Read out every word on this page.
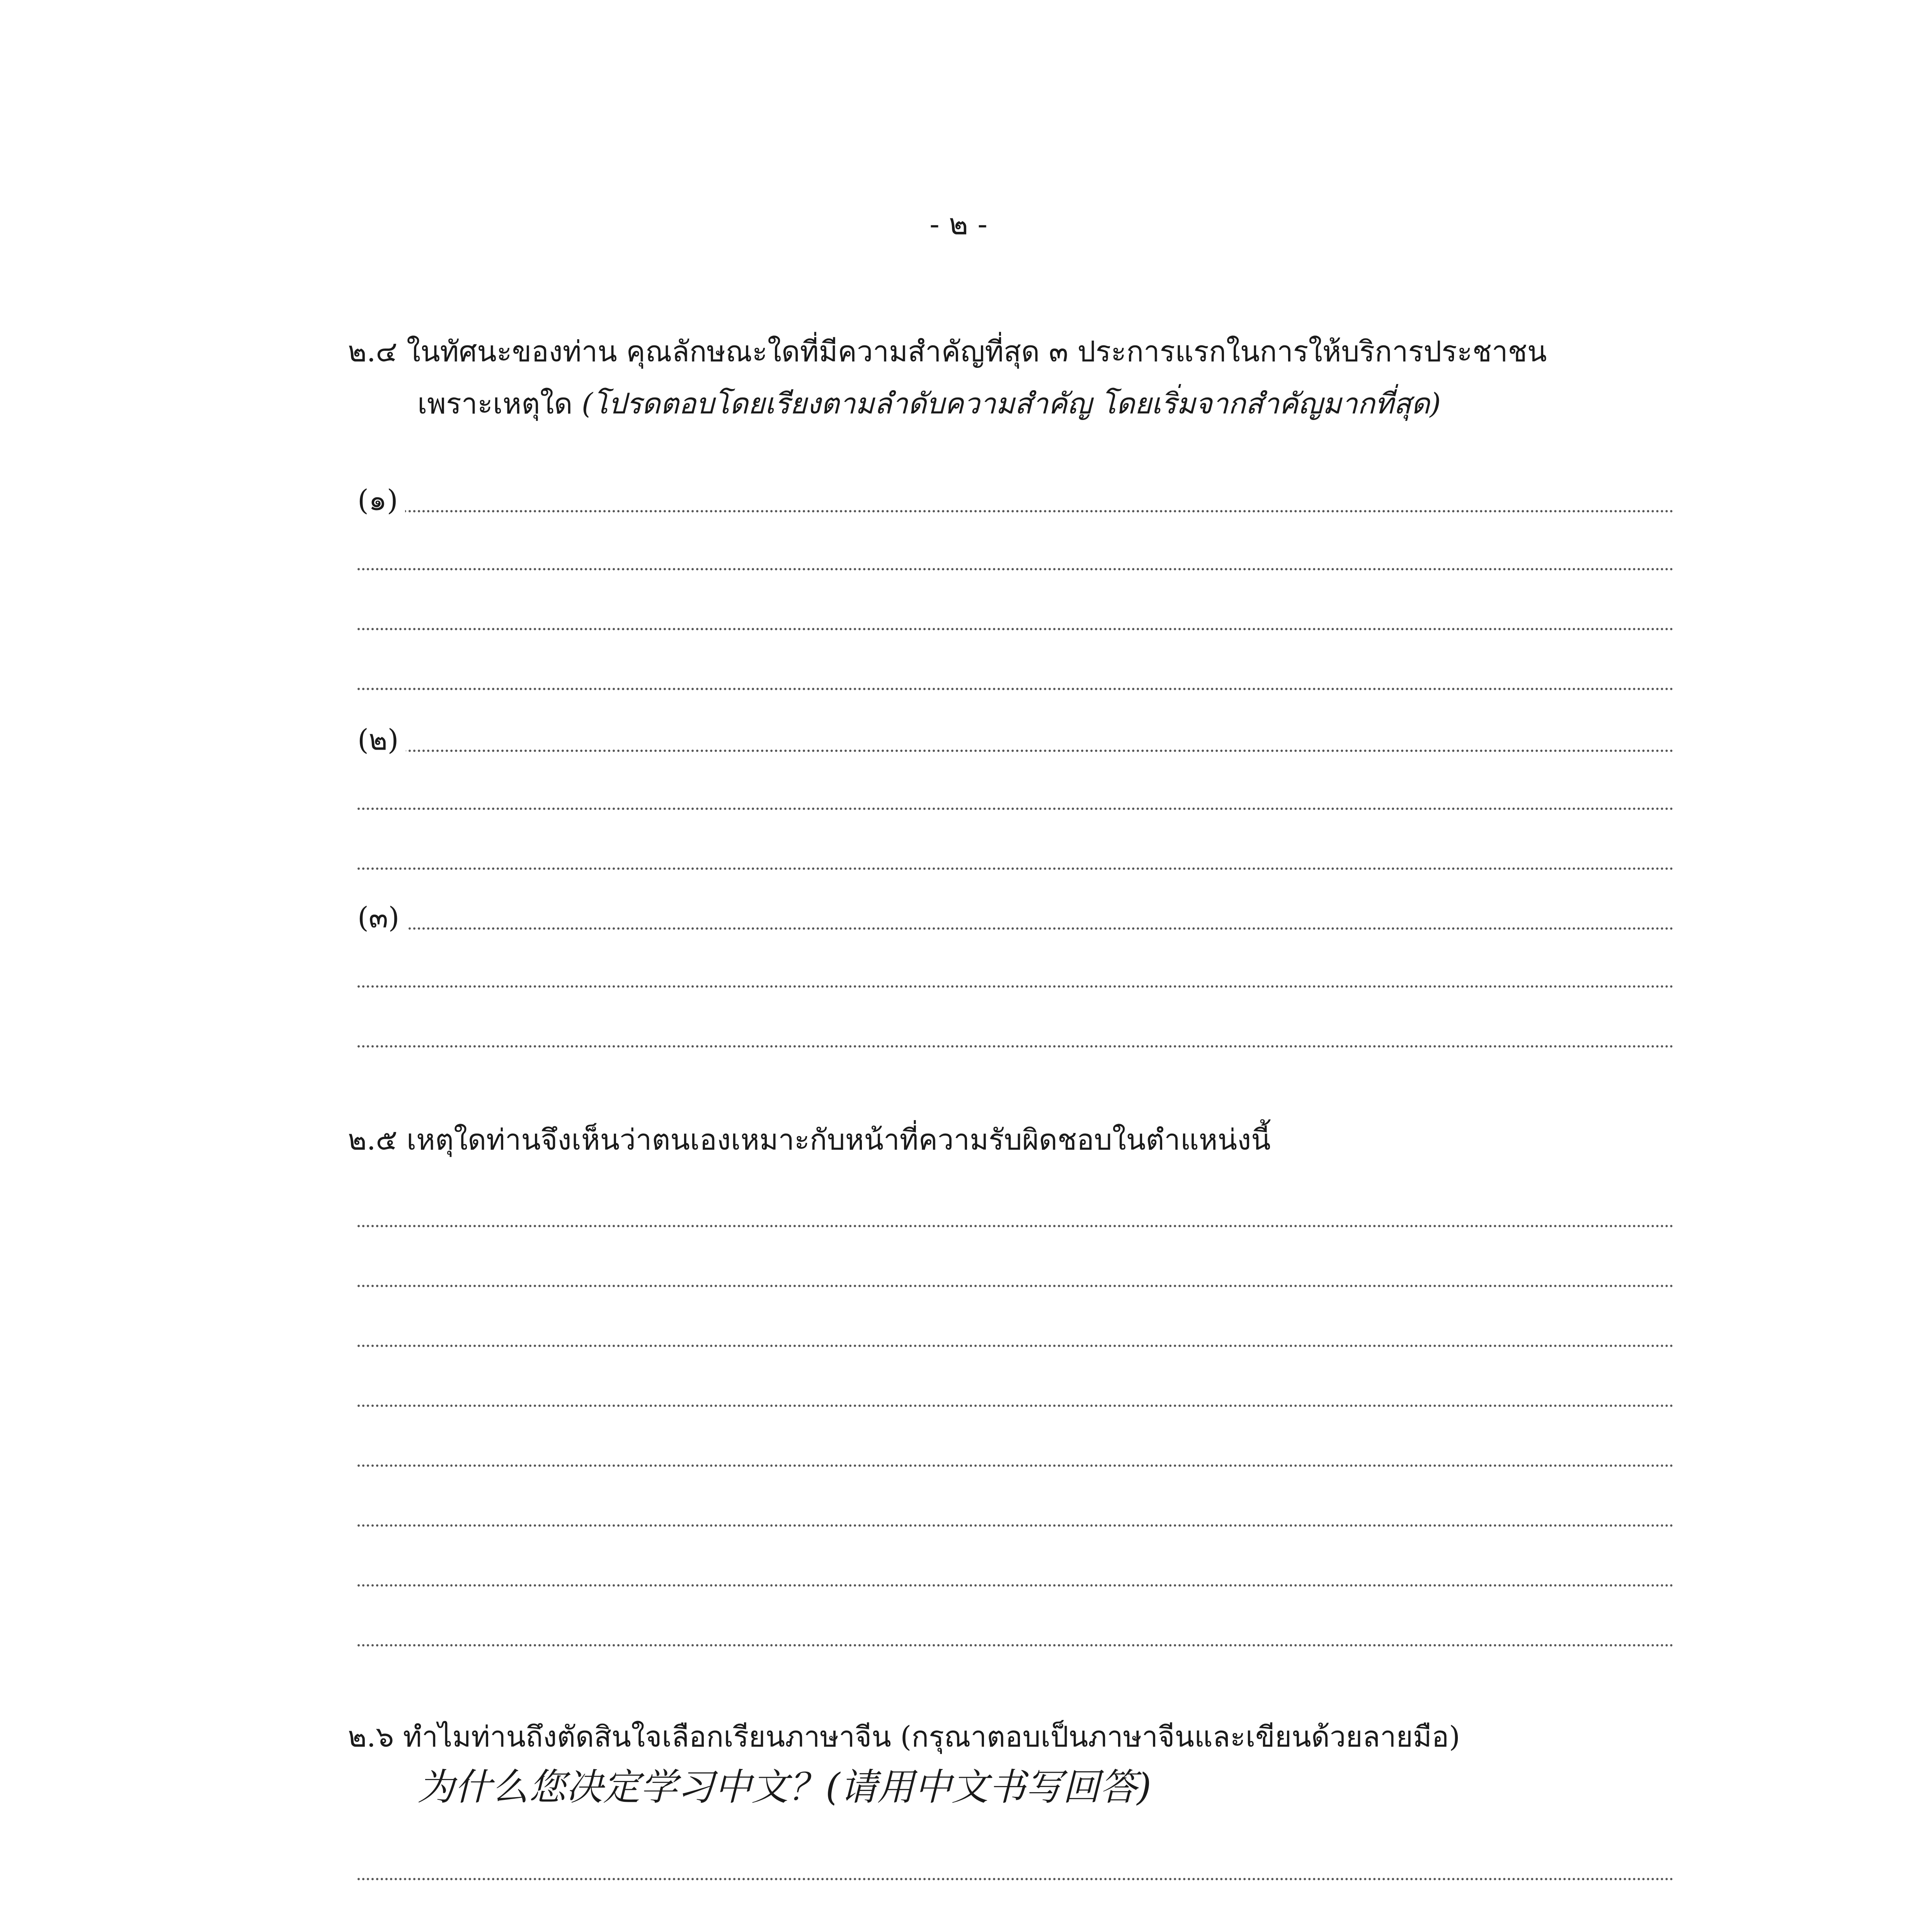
- ๒ -
๒.๔ ในทัศนะของท่าน คุณลักษณะใดที่มีความสำคัญที่สุด ๓ ประการแรกในการให้บริการประชาชน
เพราะเหตุใด (โปรดตอบโดยเรียงตามลำดับความสำคัญ โดยเริ่มจากสำคัญมากที่สุด)
(๑)
(๒)
(๓)
๒.๕ เหตุใดท่านจึงเห็นว่าตนเองเหมาะกับหน้าที่ความรับผิดชอบในตำแหน่งนี้
๒.๖ ทำไมท่านถึงตัดสินใจเลือกเรียนภาษาจีน (กรุณาตอบเป็นภาษาจีนและเขียนด้วยลายมือ)
为什么您决定学习中文？(请用中文书写回答)
